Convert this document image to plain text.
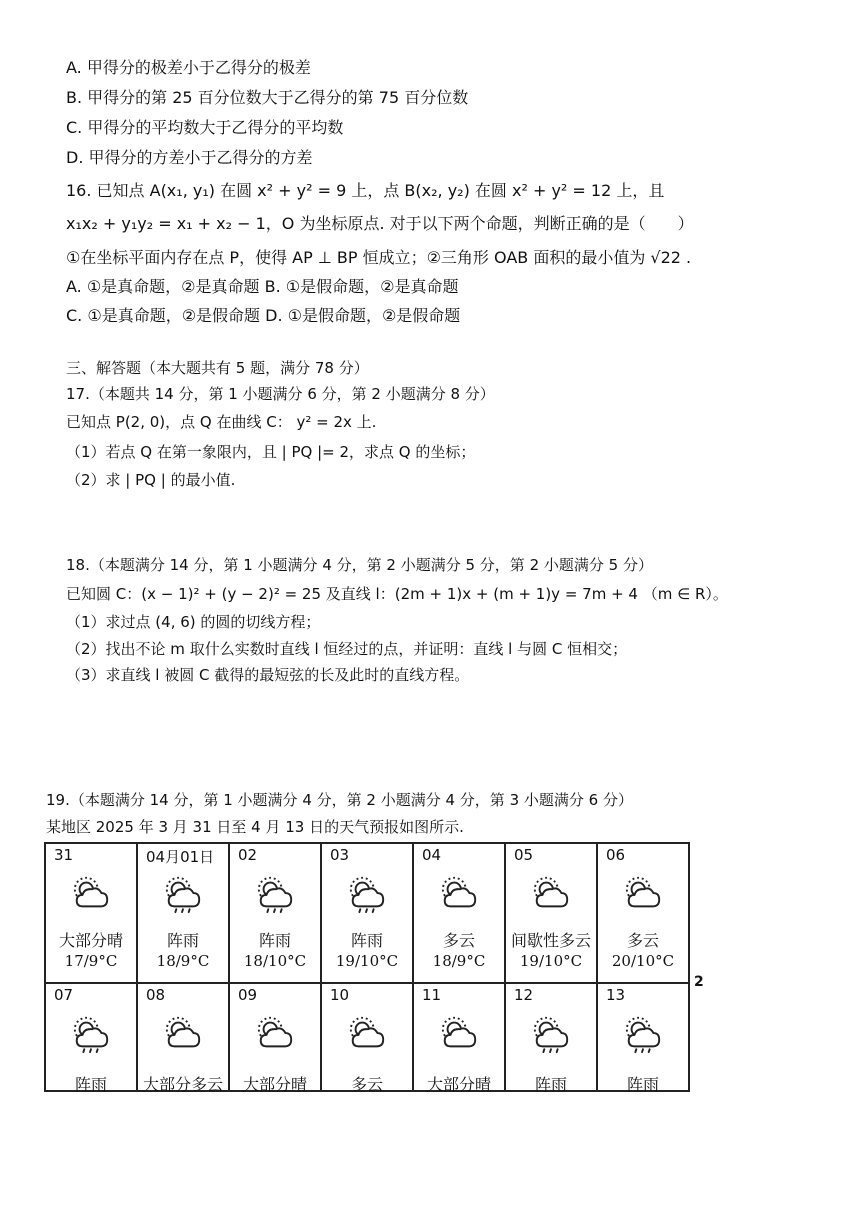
A. 甲得分的极差小于乙得分的极差
B. 甲得分的第 25 百分位数大于乙得分的第 75 百分位数
C. 甲得分的平均数大于乙得分的平均数
D. 甲得分的方差小于乙得分的方差
16. 已知点 A(x₁, y₁) 在圆 x² + y² = 9 上，点 B(x₂, y₂) 在圆 x² + y² = 12 上，且
x₁x₂ + y₁y₂ = x₁ + x₂ − 1，O 为坐标原点. 对于以下两个命题，判断正确的是（　　）
①在坐标平面内存在点 P，使得 AP ⊥ BP 恒成立；②三角形 OAB 面积的最小值为 √22 .
A. ①是真命题，②是真命题 B. ①是假命题，②是真命题
C. ①是真命题，②是假命题 D. ①是假命题，②是假命题
三、解答题（本大题共有 5 题，满分 78 分）
17.（本题共 14 分，第 1 小题满分 6 分，第 2 小题满分 8 分）
已知点 P(2, 0)，点 Q 在曲线 C： y² = 2x 上.
（1）若点 Q 在第一象限内，且 | PQ |= 2，求点 Q 的坐标；
（2）求 | PQ | 的最小值.
18.（本题满分 14 分，第 1 小题满分 4 分，第 2 小题满分 5 分，第 2 小题满分 5 分）
已知圆 C：(x − 1)² + (y − 2)² = 25 及直线 l：(2m + 1)x + (m + 1)y = 7m + 4 （m ∈ R）。
（1）求过点 (4, 6) 的圆的切线方程；
（2）找出不论 m 取什么实数时直线 l 恒经过的点，并证明：直线 l 与圆 C 恒相交；
（3）求直线 l 被圆 C 截得的最短弦的长及此时的直线方程。
19.（本题满分 14 分，第 1 小题满分 4 分，第 2 小题满分 4 分，第 3 小题满分 6 分）
某地区 2025 年 3 月 31 日至 4 月 13 日的天气预报如图所示.
31
大部分晴
17/9°C
04月01日
阵雨
18/9°C
02
阵雨
18/10°C
03
阵雨
19/10°C
04
多云
18/9°C
05
间歇性多云
19/10°C
06
多云
20/10°C
07
阵雨
08
大部分多云
09
大部分晴
10
多云
11
大部分晴
12
阵雨
13
阵雨
2
